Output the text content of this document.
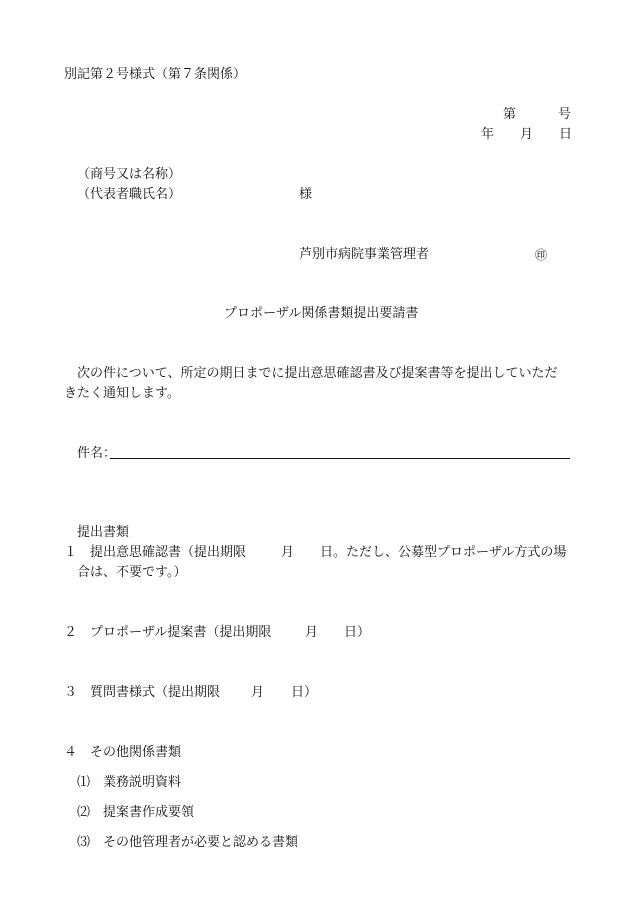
別記第２号様式（第７条関係）
第	号
年 月 日
（商号又は名称）
（代表者職氏名）	様
芦別市病院事業管理者	㊞
プロポーザル関係書類提出要請書
次の件について、所定の期日までに提出意思確認書及び提案書等を提出していただ
きたく通知します。
件名：
提出書類
１ 提出意思確認書（提出期限	月 日。ただし、公募型プロポーザル方式の場
合は、不要です。）
２ プロポーザル提案書（提出期限	月 日）
３ 質問書様式（提出期限 月 日）
４ その他関係書類
⑴ 業務説明資料
⑵ 提案書作成要領
⑶ その他管理者が必要と認める書類
